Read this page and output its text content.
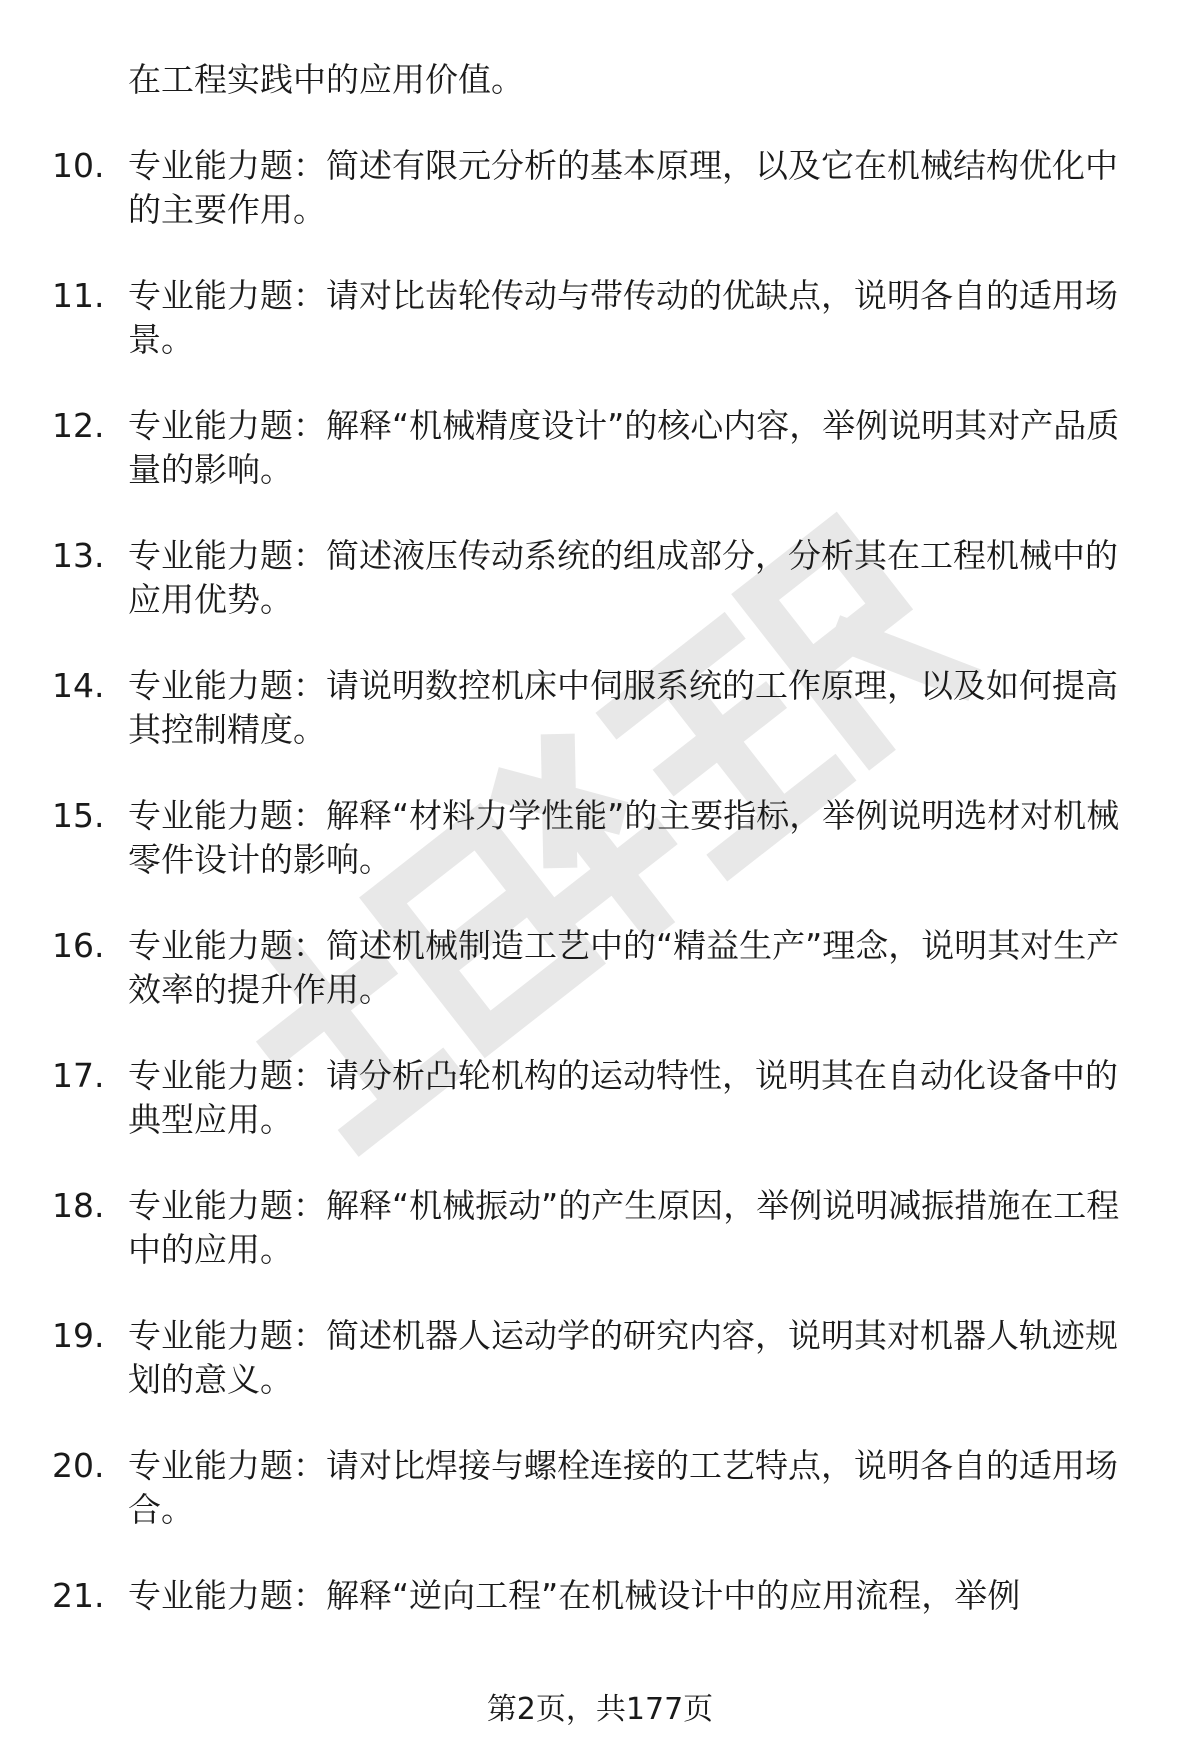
在工程实践中的应用价值。
10. 专业能力题：简述有限元分析的基本原理，以及它在机械结构优化中的主要作用。
11. 专业能力题：请对比齿轮传动与带传动的优缺点，说明各自的适用场景。
12. 专业能力题：解释“机械精度设计”的核心内容，举例说明其对产品质量的影响。
13. 专业能力题：简述液压传动系统的组成部分，分析其在工程机械中的应用优势。
14. 专业能力题：请说明数控机床中伺服系统的工作原理，以及如何提高其控制精度。
15. 专业能力题：解释“材料力学性能”的主要指标，举例说明选材对机械零件设计的影响。
16. 专业能力题：简述机械制造工艺中的“精益生产”理念，说明其对生产效率的提升作用。
17. 专业能力题：请分析凸轮机构的运动特性，说明其在自动化设备中的典型应用。
18. 专业能力题：解释“机械振动”的产生原因，举例说明减振措施在工程中的应用。
19. 专业能力题：简述机器人运动学的研究内容，说明其对机器人轨迹规划的意义。
20. 专业能力题：请对比焊接与螺栓连接的工艺特点，说明各自的适用场合。
21. 专业能力题：解释“逆向工程”在机械设计中的应用流程，举例
第2页，共177页
